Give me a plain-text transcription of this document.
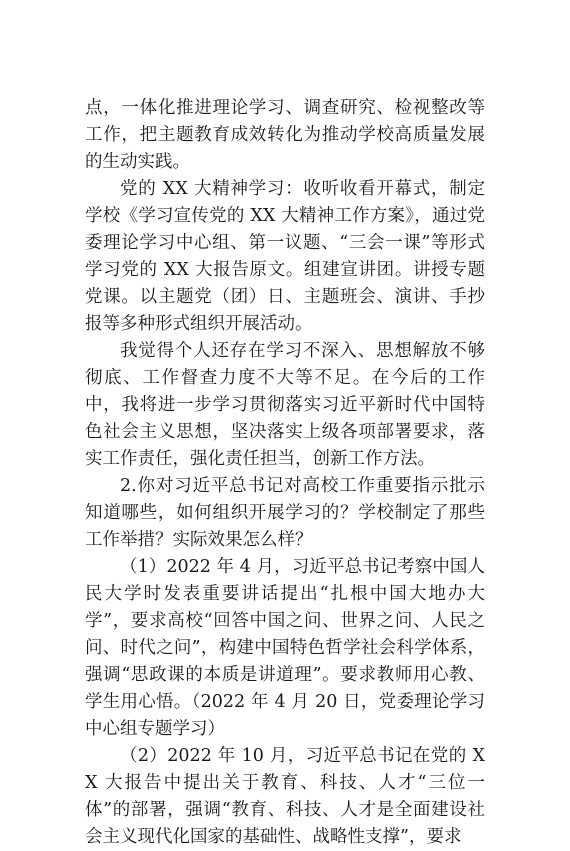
点，一体化推进理论学习、调查研究、检视整改等工作，把主题教育成效转化为推动学校高质量发展的生动实践。

党的 XX 大精神学习：收听收看开幕式，制定学校《学习宣传党的 XX 大精神工作方案》，通过党委理论学习中心组、第一议题、“三会一课”等形式学习党的 XX 大报告原文。组建宣讲团。讲授专题党课。以主题党（团）日、主题班会、演讲、手抄报等多种形式组织开展活动。

我觉得个人还存在学习不深入、思想解放不够彻底、工作督查力度不大等不足。在今后的工作中，我将进一步学习贯彻落实习近平新时代中国特色社会主义思想，坚决落实上级各项部署要求，落实工作责任，强化责任担当，创新工作方法。

2.你对习近平总书记对高校工作重要指示批示知道哪些，如何组织开展学习的？学校制定了那些工作举措？实际效果怎么样？

（1）2022 年 4 月，习近平总书记考察中国人民大学时发表重要讲话提出“扎根中国大地办大学”，要求高校“回答中国之问、世界之问、人民之问、时代之问”，构建中国特色哲学社会科学体系，强调“思政课的本质是讲道理”。要求教师用心教、学生用心悟。（2022 年 4 月 20 日，党委理论学习中心组专题学习）

（2）2022 年 10 月，习近平总书记在党的 XX 大报告中提出关于教育、科技、人才“三位一体”的部署，强调“教育、科技、人才是全面建设社会主义现代化国家的基础性、战略性支撑”，要求
